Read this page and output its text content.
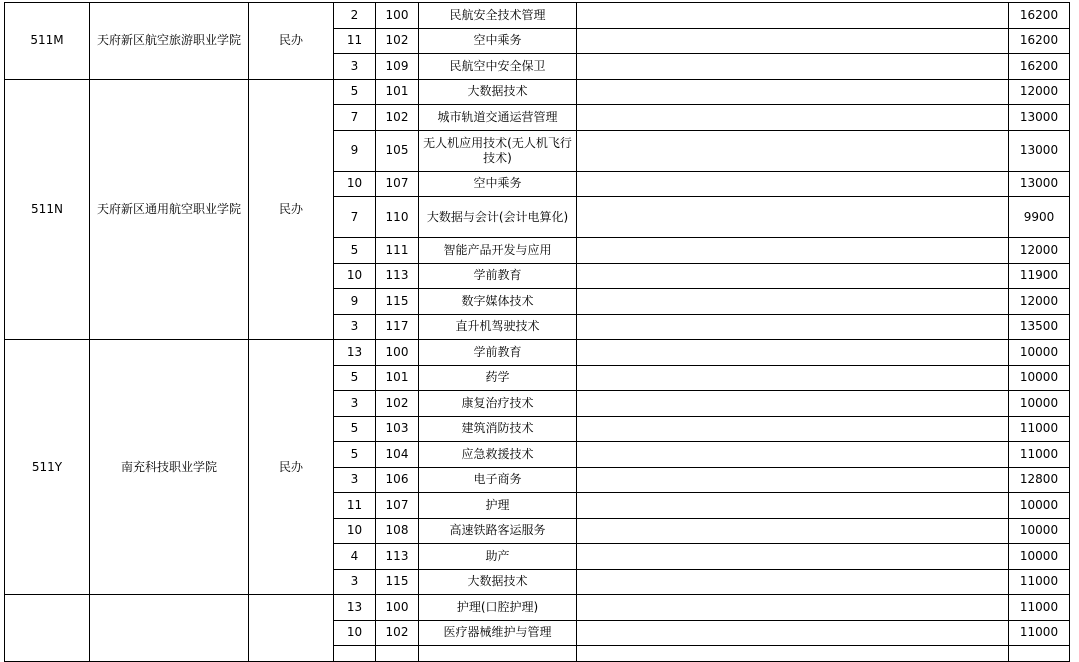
511M	天府新区航空旅游职业学院	民办	2	100	民航安全技术管理		16200
			11	102	空中乘务		16200
			3	109	民航空中安全保卫		16200
511N	天府新区通用航空职业学院	民办	5	101	大数据技术		12000
			7	102	城市轨道交通运营管理		13000
			9	105	无人机应用技术(无人机飞行技术)		13000
			10	107	空中乘务		13000
			7	110	大数据与会计(会计电算化)		9900
			5	111	智能产品开发与应用		12000
			10	113	学前教育		11900
			9	115	数字媒体技术		12000
			3	117	直升机驾驶技术		13500
511Y	南充科技职业学院	民办	13	100	学前教育		10000
			5	101	药学		10000
			3	102	康复治疗技术		10000
			5	103	建筑消防技术		11000
			5	104	应急救援技术		11000
			3	106	电子商务		12800
			11	107	护理		10000
			10	108	高速铁路客运服务		10000
			4	113	助产		10000
			3	115	大数据技术		11000
			13	100	护理(口腔护理)		11000
			10	102	医疗器械维护与管理		11000
